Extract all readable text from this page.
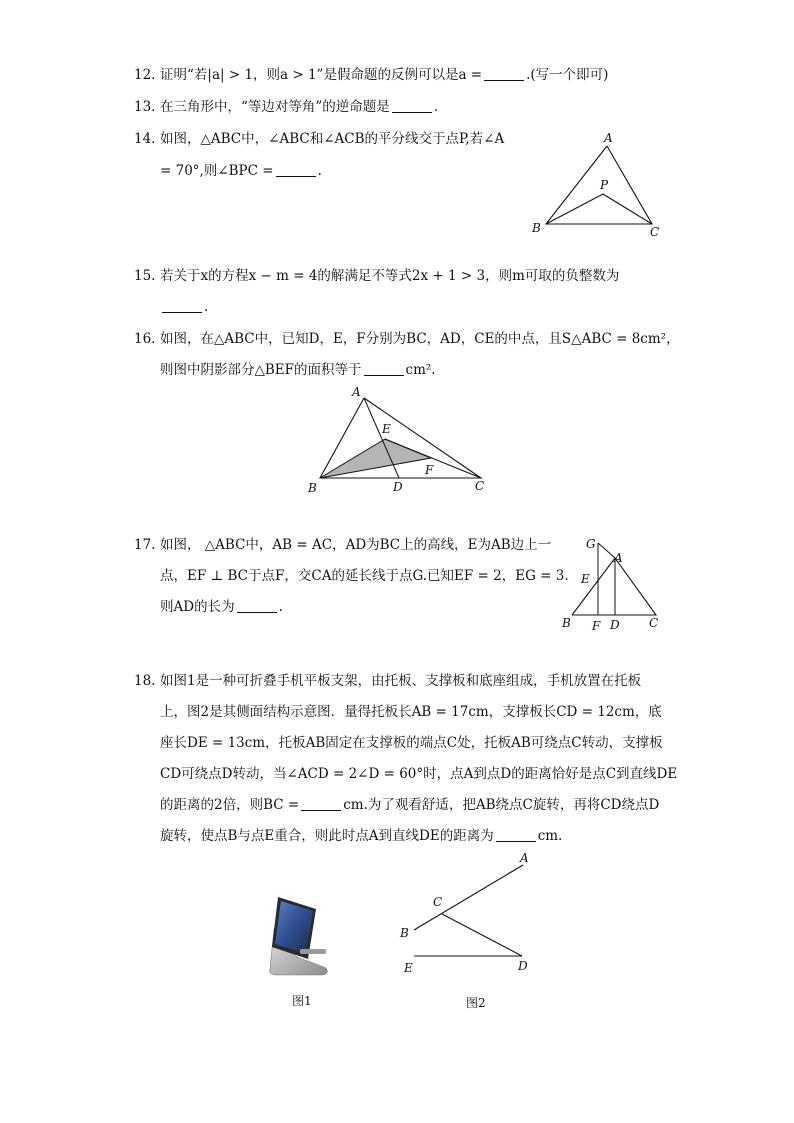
12. 证明“若|a| > 1，则a > 1”是假命题的反例可以是a =	.(写一个即可)
13. 在三角形中，“等边对等角”的逆命题是	.
14. 如图，△ABC中，∠ABC和∠ACB的平分线交于点P,若∠A
= 70°,则∠BPC =	.
A
B	C
P
15. 若关于x的方程x − m = 4的解满足不等式2x + 1 > 3，则m可取的负整数为
.
16. 如图，在△ABC中，已知D，E，F分别为BC，AD，CE的中点，且S△ABC = 8cm²，
则图中阴影部分△BEF的面积等于	cm².
A
B	C
D
E
F
17. 如图， △ABC中，AB = AC，AD为BC上的高线，E为AB边上一
点，EF ⊥ BC于点F，交CA的延长线于点G.已知EF = 2，EG = 3.
则AD的长为	.
G
A
E
B F D C
18. 如图1是一种可折叠手机平板支架，由托板、支撑板和底座组成，手机放置在托板
上，图2是其侧面结构示意图．量得托板长AB = 17cm，支撑板长CD = 12cm，底
座长DE = 13cm，托板AB固定在支撑板的端点C处，托板AB可绕点C转动，支撑板
CD可绕点D转动，当∠ACD = 2∠D = 60°时，点A到点D的距离恰好是点C到直线DE
的距离的2倍，则BC =	cm.为了观看舒适，把AB绕点C旋转，再将CD绕点D
旋转，使点B与点E重合，则此时点A到直线DE的距离为	cm．
图1
A
C
B
E	D
图2
